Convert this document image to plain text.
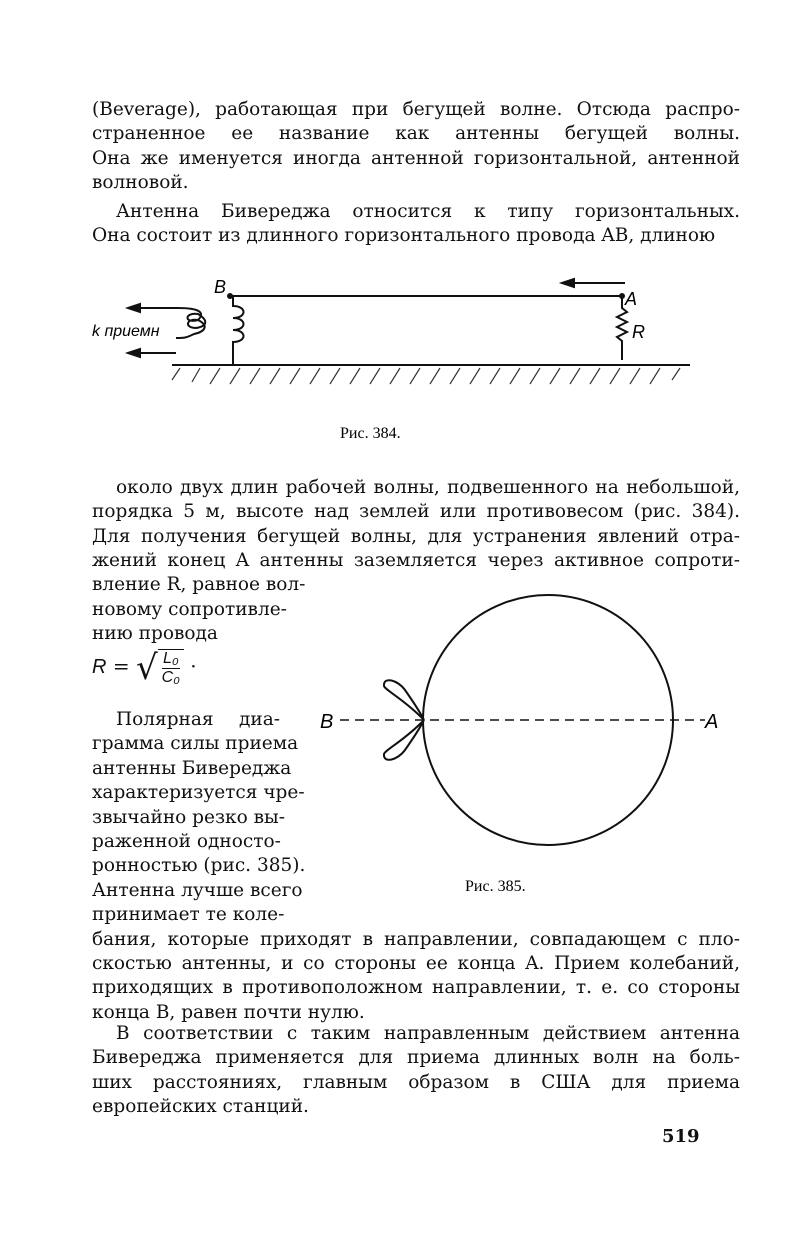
(Beverage), работающая при бегущей волне. Отсюда распро-
страненное ее название как антенны бегущей волны.
Она же именуется иногда антенной горизонтальной, антенной
волновой.
Антенна Бивереджа относится к типу горизонтальных.
Она состоит из длинного горизонтального провода AB, длиною
около двух длин рабочей волны, подвешенного на небольшой,
порядка 5 м, высоте над землей или противовесом (рис. 384).
Для получения бегущей волны, для устранения явлений отра-
жений конец A антенны заземляется через активное сопроти-
вление R, равное вол-
новому сопротивле-
нию провода
Полярная диа-
грамма силы приема
антенны Бивереджа
характеризуется чре-
звычайно резко вы-
раженной односто-
ронностью (рис. 385).
Антенна лучше всего
принимает те коле-
бания, которые приходят в направлении, совпадающем с пло-
скостью антенны, и со стороны ее конца A. Прием колебаний,
приходящих в противоположном направлении, т. е. со стороны
конца B, равен почти нулю.
В соответствии с таким направленным действием антенна
Бивереджа применяется для приема длинных волн на боль-
ших расстояниях, главным образом в США для приема
европейских станций.
B
A
R
k приемн
Рис. 384.
B	A
Рис. 385.
R = √ $\frac{\text{L₀}}{\text{C₀}}$ ·
519
